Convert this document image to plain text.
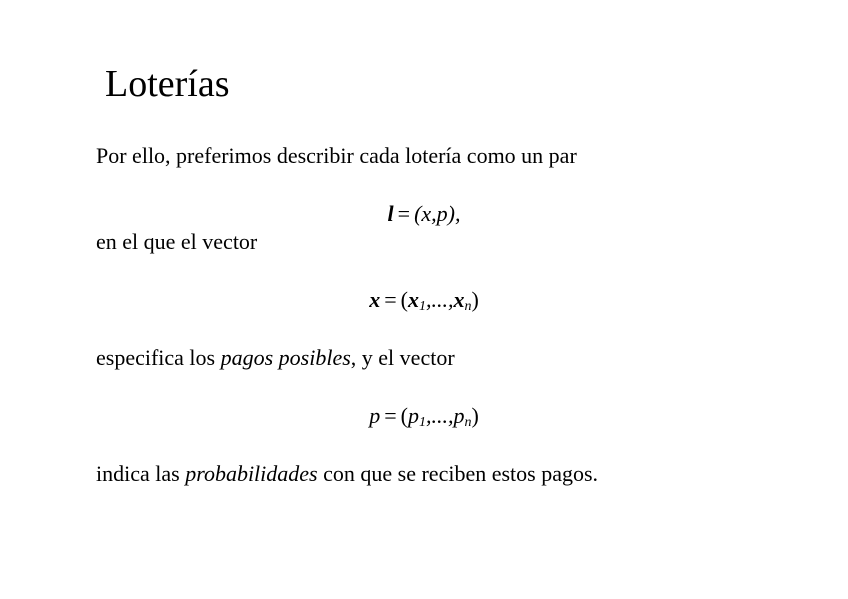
Loterías
Por ello, preferimos describir cada lotería como un par
l = (x,p),
en el que el vector
$x = (x_1,...,x_n)$
especifica los pagos posibles, y el vector
$p = (p_1,...,p_n)$
indica las probabilidades con que se reciben estos pagos.
